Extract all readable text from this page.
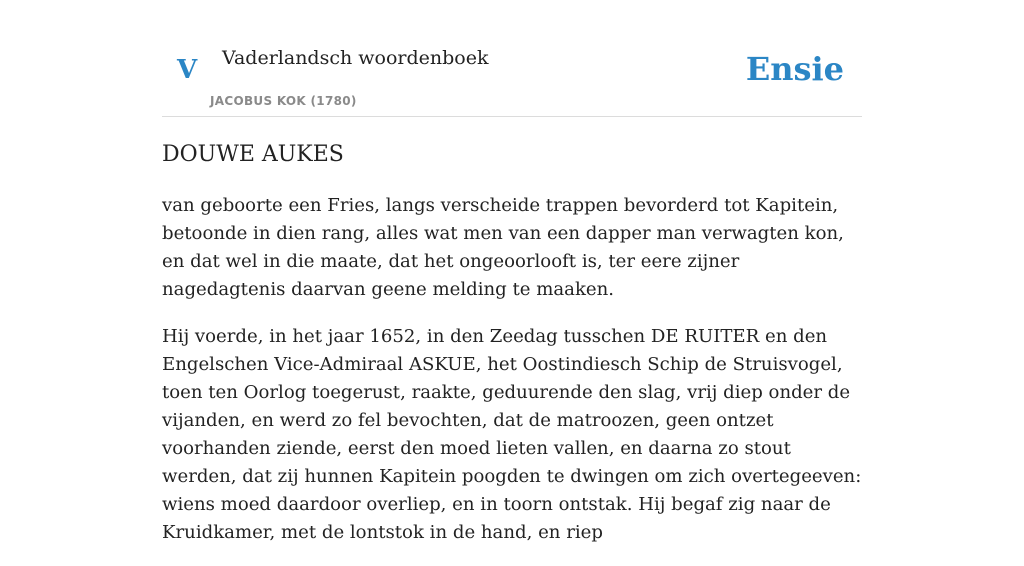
V Vaderlandsch woordenboek
JACOBUS KOK (1780)
Ensie
DOUWE AUKES

van geboorte een Fries, langs verscheide trappen bevorderd tot Kapitein, betoonde in dien rang, alles wat men van een dapper man verwagten kon, en dat wel in die maate, dat het ongeoorlooft is, ter eere zijner nagedagtenis daarvan geene melding te maaken.

Hij voerde, in het jaar 1652, in den Zeedag tusschen DE RUITER en den Engelschen Vice-Admiraal ASKUE, het Oostindiesch Schip de Struisvogel, toen ten Oorlog toegerust, raakte, geduurende den slag, vrij diep onder de vijanden, en werd zo fel bevochten, dat de matroozen, geen ontzet voorhanden ziende, eerst den moed lieten vallen, en daarna zo stout werden, dat zij hunnen Kapitein poogden te dwingen om zich overtegeeven: wiens moed daardoor overliep, en in toorn ontstak. Hij begaf zig naar de Kruidkamer, met de lontstok in de hand, en riep
